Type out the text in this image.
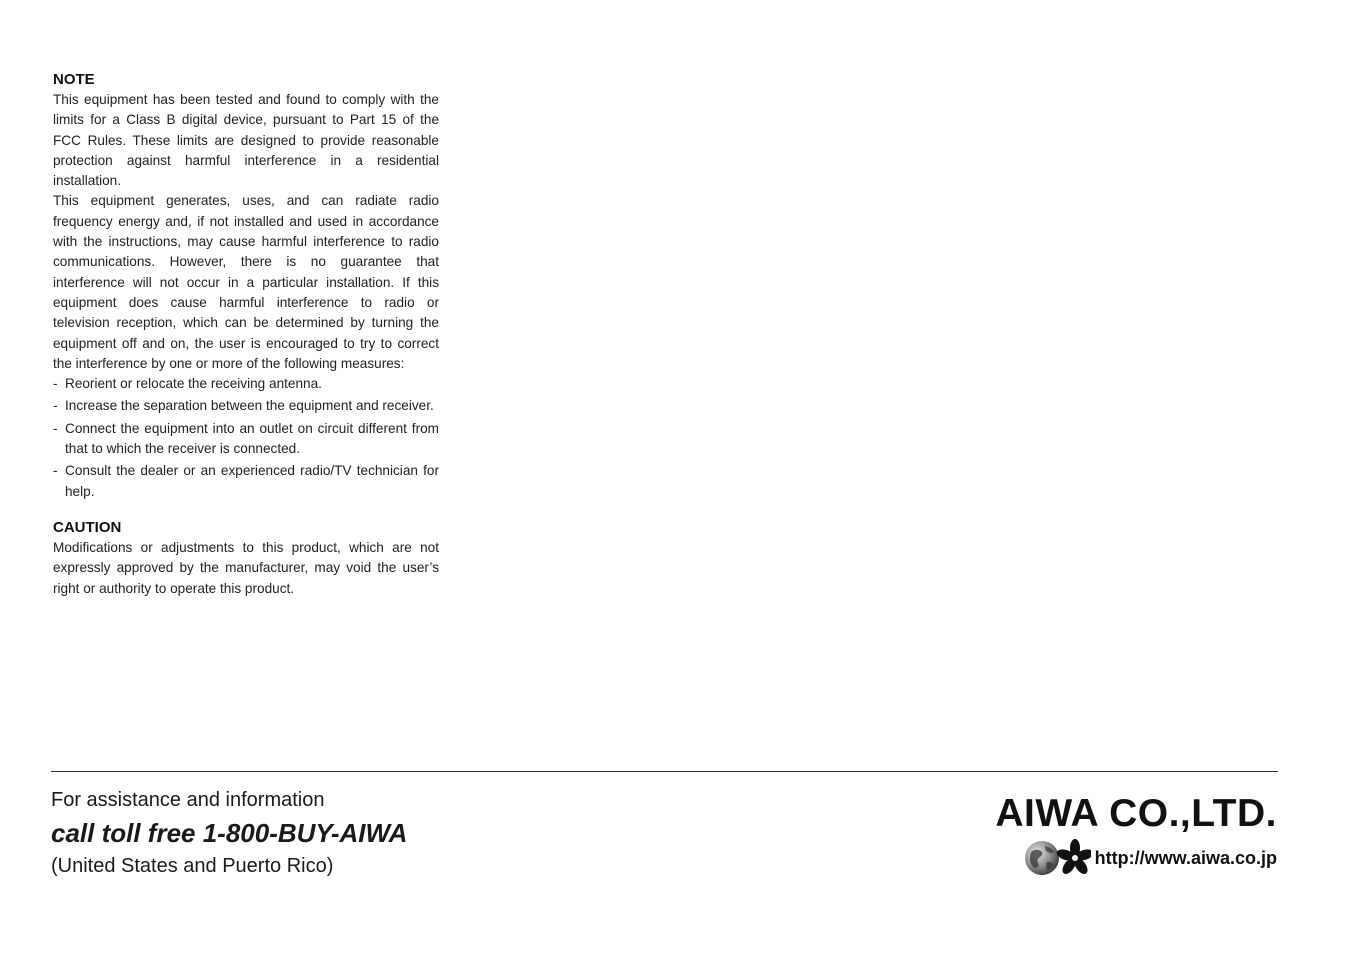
NOTE

This equipment has been tested and found to comply with the limits for a Class B digital device, pursuant to Part 15 of the FCC Rules. These limits are designed to provide reasonable protection against harmful interference in a residential installation.

This equipment generates, uses, and can radiate radio frequency energy and, if not installed and used in accordance with the instructions, may cause harmful interference to radio communications. However, there is no guarantee that interference will not occur in a particular installation. If this equipment does cause harmful interference to radio or television reception, which can be determined by turning the equipment off and on, the user is encouraged to try to correct the interference by one or more of the following measures:

- Reorient or relocate the receiving antenna.
- Increase the separation between the equipment and receiver.
- Connect the equipment into an outlet on circuit different from that to which the receiver is connected.
- Consult the dealer or an experienced radio/TV technician for help.
CAUTION

Modifications or adjustments to this product, which are not expressly approved by the manufacturer, may void the user’s right or authority to operate this product.

For assistance and information
call toll free 1-800-BUY-AIWA
(United States and Puerto Rico)
AIWA CO.,LTD.
http://www.aiwa.co.jp
